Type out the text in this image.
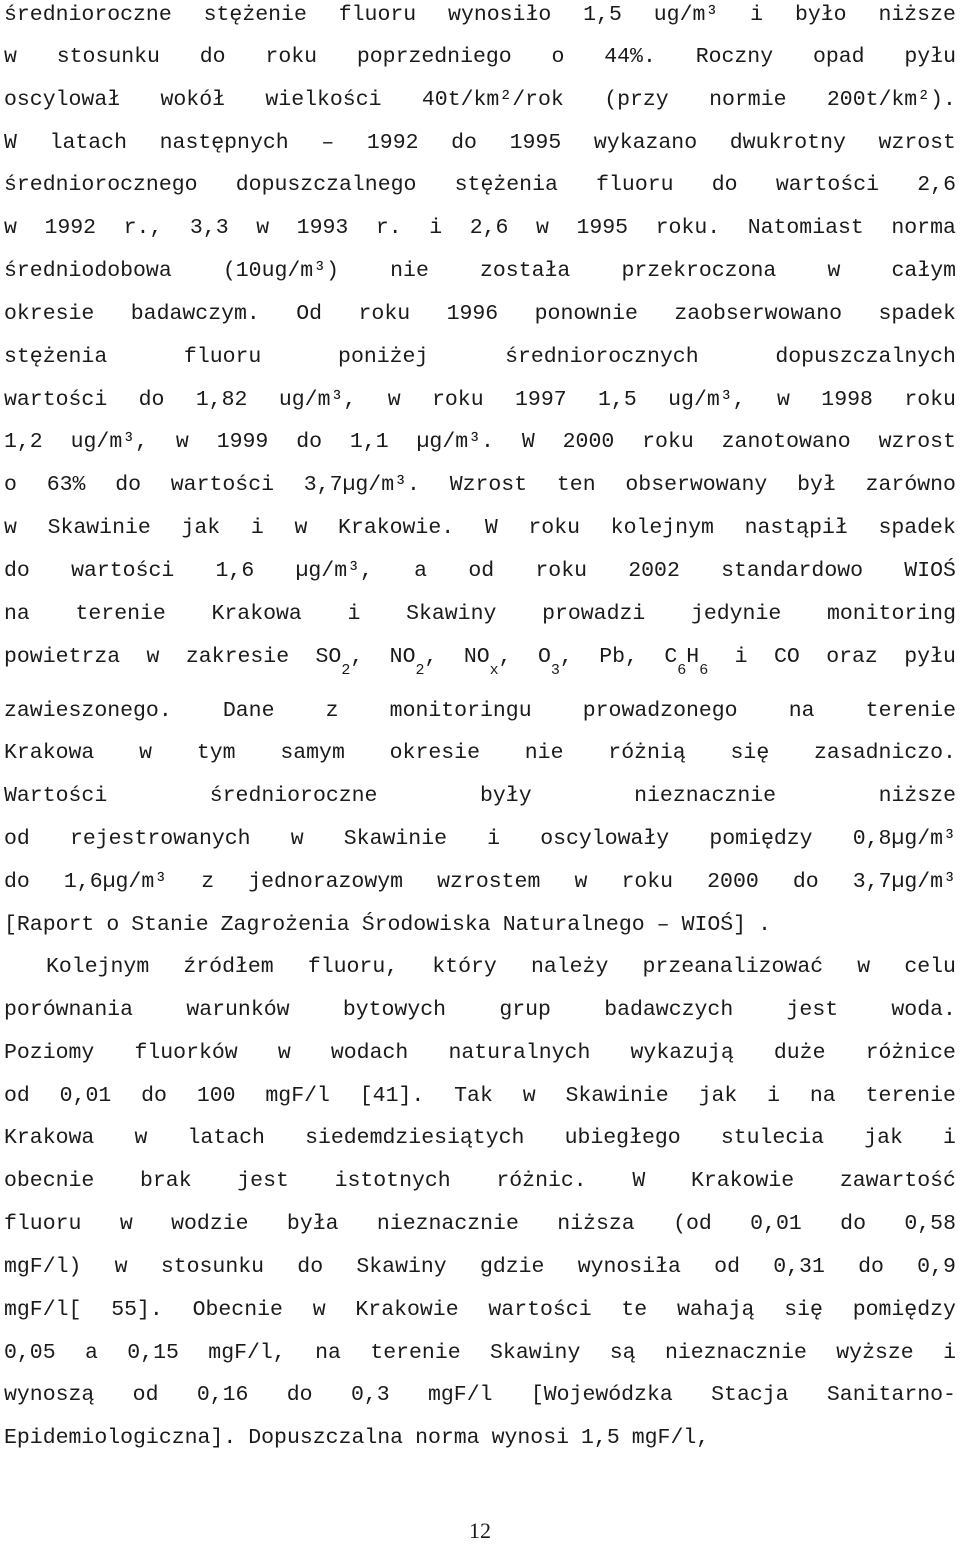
średnioroczne stężenie fluoru wynosiło 1,5 ug/m³ i było niższe
w stosunku do roku poprzedniego o 44%. Roczny opad pyłu
oscylował wokół wielkości 40t/km²/rok (przy normie 200t/km²).
W latach następnych – 1992 do 1995 wykazano dwukrotny wzrost
średniorocznego dopuszczalnego stężenia fluoru do wartości 2,6
w 1992 r., 3,3 w 1993 r. i 2,6 w 1995 roku. Natomiast norma
średniodobowa (10ug/m³) nie została przekroczona w całym
okresie badawczym. Od roku 1996 ponownie zaobserwowano spadek
stężenia	fluoru	poniżej	średniorocznych	dopuszczalnych
wartości do 1,82 ug/m³, w roku 1997 1,5 ug/m³, w 1998 roku
1,2 ug/m³, w 1999 do 1,1 µg/m³. W 2000 roku zanotowano wzrost
o 63% do wartości 3,7µg/m³. Wzrost ten obserwowany był zarówno
w Skawinie jak i w Krakowie. W roku kolejnym nastąpił spadek
do wartości 1,6 µg/m³, a od roku 2002 standardowo WIOŚ
na terenie Krakowa i Skawiny prowadzi jedynie monitoring
powietrza w zakresie $SO_2$, $NO_2$, $NO_x$, $O_3$, Pb, $C_6H_6$
i CO oraz pyłu
zawieszonego. Dane z monitoringu prowadzonego na terenie
Krakowa w tym samym okresie nie różnią się zasadniczo.
Wartości	średnioroczne	były	nieznacznie	niższe
od rejestrowanych w Skawinie i oscylowały pomiędzy 0,8µg/m³
do 1,6µg/m³ z jednorazowym wzrostem w roku 2000 do 3,7µg/m³
[Raport o Stanie Zagrożenia Środowiska Naturalnego – WIOŚ] .
Kolejnym źródłem fluoru, który należy przeanalizować w celu
porównania warunków bytowych grup badawczych jest woda.
Poziomy fluorków w wodach naturalnych wykazują duże różnice
od 0,01 do 100 mgF/l [41]. Tak w Skawinie jak i na terenie
Krakowa w latach siedemdziesiątych ubiegłego stulecia jak i
obecnie brak jest istotnych różnic. W Krakowie zawartość
fluoru w wodzie była nieznacznie niższa (od 0,01 do 0,58
mgF/l) w stosunku do Skawiny gdzie wynosiła od 0,31 do 0,9
mgF/l[ 55]. Obecnie w Krakowie wartości te wahają się pomiędzy
0,05 a 0,15 mgF/l, na terenie Skawiny są nieznacznie wyższe i
wynoszą od 0,16 do 0,3 mgF/l [Wojewódzka Stacja Sanitarno-
Epidemiologiczna]. Dopuszczalna norma wynosi 1,5 mgF/l,
12
